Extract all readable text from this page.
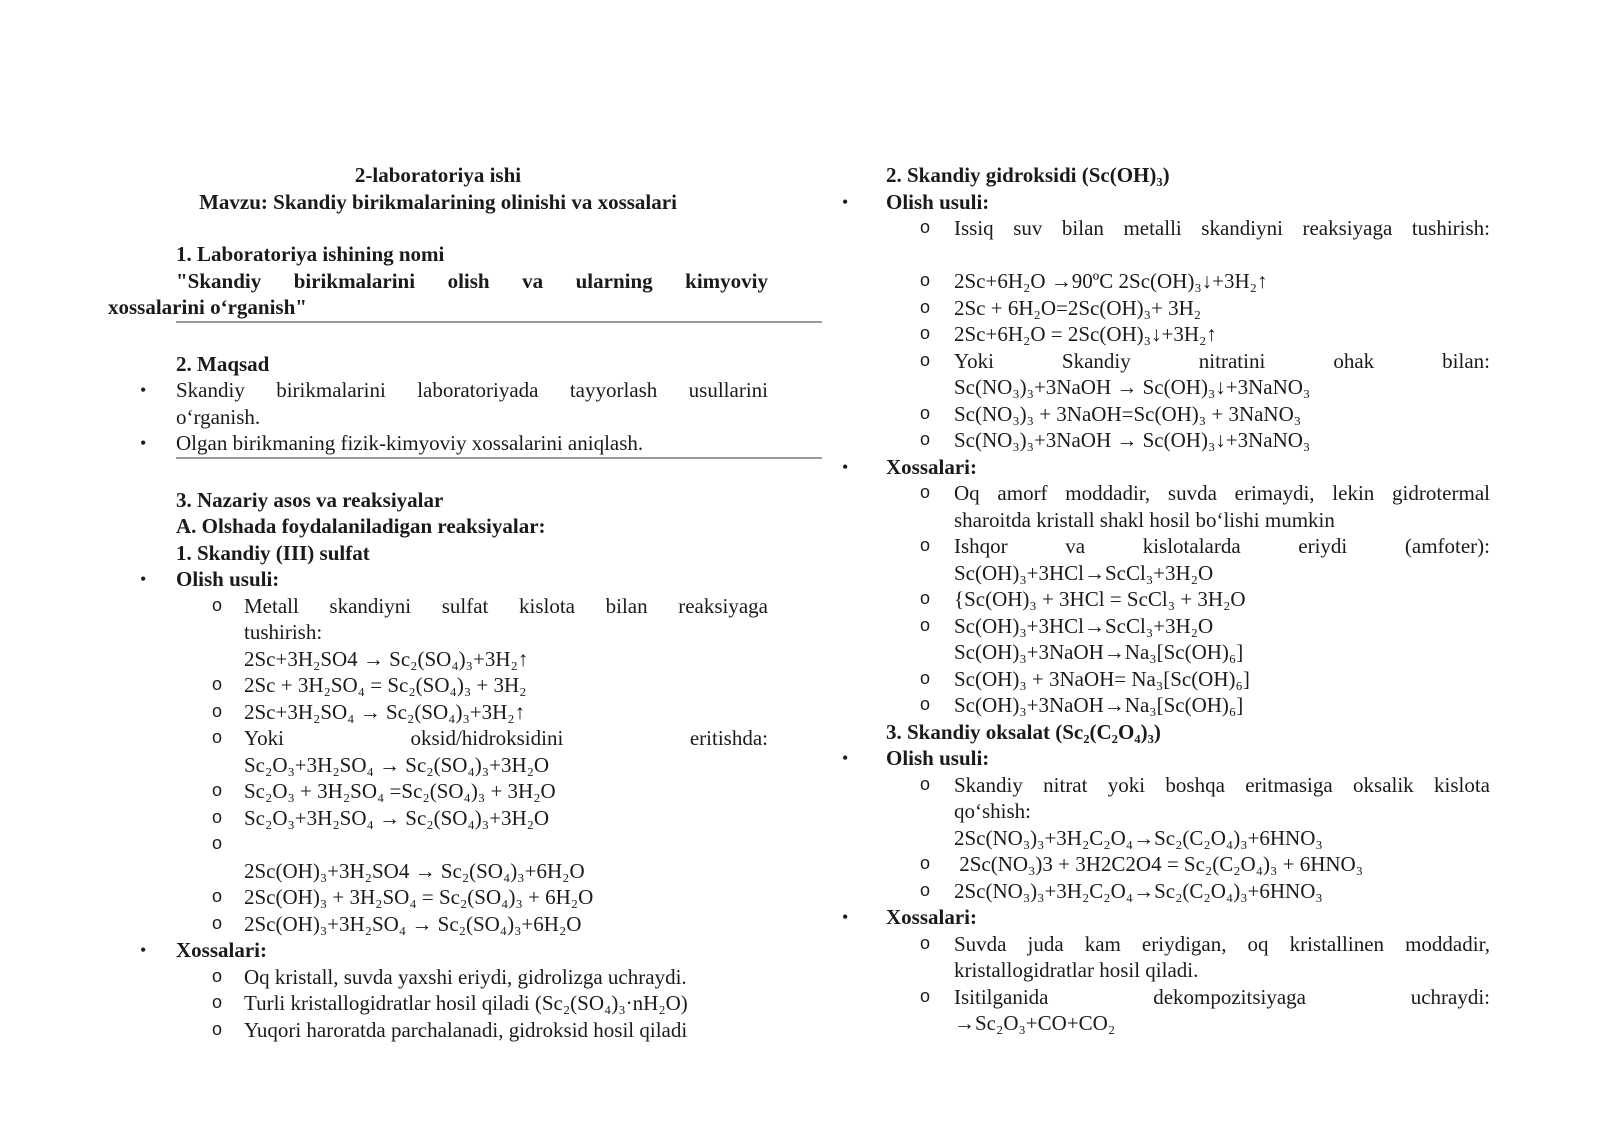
2-laboratoriya ishi

Mavzu: Skandiy birikmalarining olinishi va xossalari

1. Laboratoriya ishining nomi

"Skandiy birikmalarini olish va ularning kimyoviy

xossalarini o‘rganish"

2. Maqsad

• Skandiy birikmalarini laboratoriyada tayyorlash usullarini

o‘rganish.

• Olgan birikmaning fizik-kimyoviy xossalarini aniqlash.

3. Nazariy asos va reaksiyalar

A. Olshada foydalaniladigan reaksiyalar:

1. Skandiy (III) sulfat

• Olish usuli:

o Metall skandiyni sulfat kislota bilan reaksiyaga

tushirish:

2Sc+3H₂SO4 → Sc₂(SO₄)₃+3H₂↑

o 2Sc + 3H₂SO₄ = Sc₂(SO₄)₃ + 3H₂

o 2Sc+3H₂SO₄ → Sc₂(SO₄)₃+3H₂↑

o Yoki oksid/hidroksidini eritishda:

Sc₂O₃+3H₂SO₄ → Sc₂(SO₄)₃+3H₂O

o Sc₂O₃ + 3H₂SO₄ =Sc₂(SO₄)₃ + 3H₂O

o Sc₂O₃+3H₂SO₄ → Sc₂(SO₄)₃+3H₂O

o

2Sc(OH)₃+3H₂SO4 → Sc₂(SO₄)₃+6H₂O

o 2Sc(OH)₃ + 3H₂SO₄ = Sc₂(SO₄)₃ + 6H₂O

o 2Sc(OH)₃+3H₂SO₄ → Sc₂(SO₄)₃+6H₂O

• Xossalari:

o Oq kristall, suvda yaxshi eriydi, gidrolizga uchraydi.

o Turli kristallogidratlar hosil qiladi (Sc₂(SO₄)₃·nH₂O)

o Yuqori haroratda parchalanadi, gidroksid hosil qiladi

2. Skandiy gidroksidi (Sc(OH)₃)

• Olish usuli:

o Issiq suv bilan metalli skandiyni reaksiyaga tushirish:

o 2Sc+6H₂O →90ºC 2Sc(OH)₃↓+3H₂↑

o 2Sc + 6H₂O=2Sc(OH)₃+ 3H₂

o 2Sc+6H₂O = 2Sc(OH)₃↓+3H₂↑

o Yoki Skandiy nitratini ohak bilan:

Sc(NO₃)₃+3NaOH → Sc(OH)₃↓+3NaNO₃

o Sc(NO₃)₃ + 3NaOH=Sc(OH)₃ + 3NaNO₃

o Sc(NO₃)₃+3NaOH → Sc(OH)₃↓+3NaNO₃

• Xossalari:

o Oq amorf moddadir, suvda erimaydi, lekin gidrotermal

sharoitda kristall shakl hosil bo‘lishi mumkin

o Ishqor va kislotalarda eriydi (amfoter):

Sc(OH)₃+3HCl→ScCl₃+3H₂O

o {Sc(OH)₃ + 3HCl = ScCl₃ + 3H₂O

o Sc(OH)₃+3HCl→ScCl₃+3H₂O

Sc(OH)₃+3NaOH→Na₃[Sc(OH)₆]

o Sc(OH)₃ + 3NaOH= Na₃[Sc(OH)₆]

o Sc(OH)₃+3NaOH→Na₃[Sc(OH)₆]

3. Skandiy oksalat (Sc₂(C₂O₄)₃)

• Olish usuli:

o Skandiy nitrat yoki boshqa eritmasiga oksalik kislota

qo‘shish:

2Sc(NO₃)₃+3H₂C₂O₄→Sc₂(C₂O₄)₃+6HNO₃

o 2Sc(NO₃)3 + 3H2C2O4 = Sc₂(C₂O₄)₃ + 6HNO₃

o 2Sc(NO₃)₃+3H₂C₂O₄→Sc₂(C₂O₄)₃+6HNO₃

• Xossalari:

o Suvda juda kam eriydigan, oq kristallinen moddadir,

kristallogidratlar hosil qiladi.

o Isitilganida dekompozitsiyaga uchraydi:

→Sc₂O₃+CO+CO₂
